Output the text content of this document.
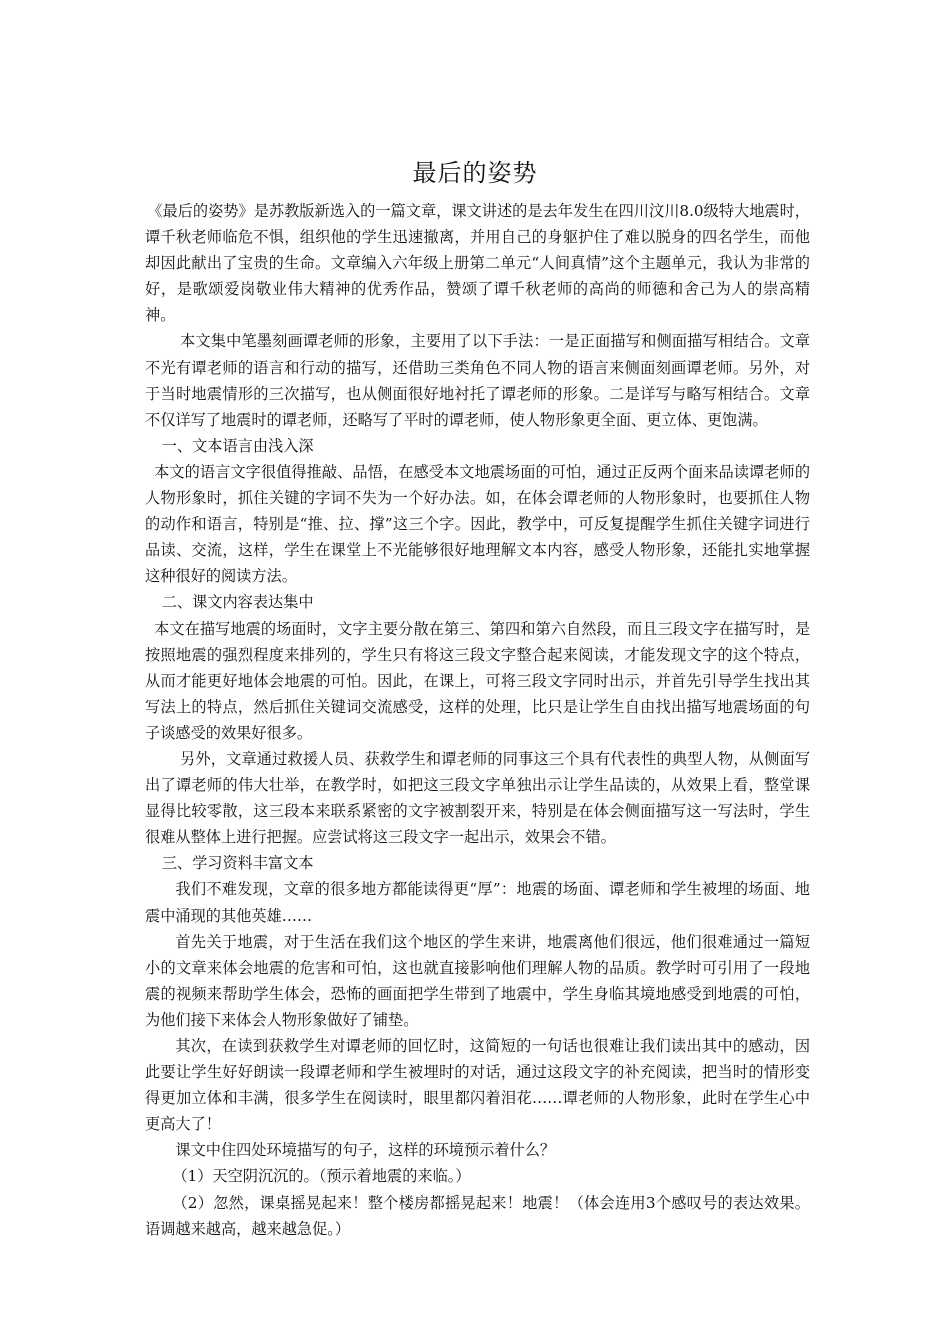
最后的姿势

《最后的姿势》是苏教版新选入的一篇文章，课文讲述的是去年发生在四川汶川8.0级特大地震时，谭千秋老师临危不惧，组织他的学生迅速撤离，并用自己的身躯护住了难以脱身的四名学生，而他却因此献出了宝贵的生命。文章编入六年级上册第二单元“人间真情”这个主题单元，我认为非常的好，是歌颂爱岗敬业伟大精神的优秀作品，赞颂了谭千秋老师的高尚的师德和舍己为人的崇高精神。

本文集中笔墨刻画谭老师的形象，主要用了以下手法：一是正面描写和侧面描写相结合。文章不光有谭老师的语言和行动的描写，还借助三类角色不同人物的语言来侧面刻画谭老师。另外，对于当时地震情形的三次描写，也从侧面很好地衬托了谭老师的形象。二是详写与略写相结合。文章不仅详写了地震时的谭老师，还略写了平时的谭老师，使人物形象更全面、更立体、更饱满。

一、文本语言由浅入深

本文的语言文字很值得推敲、品悟，在感受本文地震场面的可怕，通过正反两个面来品读谭老师的人物形象时，抓住关键的字词不失为一个好办法。如，在体会谭老师的人物形象时，也要抓住人物的动作和语言，特别是“推、拉、撑”这三个字。因此，教学中，可反复提醒学生抓住关键字词进行品读、交流，这样，学生在课堂上不光能够很好地理解文本内容，感受人物形象，还能扎实地掌握这种很好的阅读方法。

二、课文内容表达集中

本文在描写地震的场面时，文字主要分散在第三、第四和第六自然段，而且三段文字在描写时，是按照地震的强烈程度来排列的，学生只有将这三段文字整合起来阅读，才能发现文字的这个特点，从而才能更好地体会地震的可怕。因此，在课上，可将三段文字同时出示，并首先引导学生找出其写法上的特点，然后抓住关键词交流感受，这样的处理，比只是让学生自由找出描写地震场面的句子谈感受的效果好很多。

另外，文章通过救援人员、获救学生和谭老师的同事这三个具有代表性的典型人物，从侧面写出了谭老师的伟大壮举，在教学时，如把这三段文字单独出示让学生品读的，从效果上看，整堂课显得比较零散，这三段本来联系紧密的文字被割裂开来，特别是在体会侧面描写这一写法时，学生很难从整体上进行把握。应尝试将这三段文字一起出示，效果会不错。

三、学习资料丰富文本

我们不难发现，文章的很多地方都能读得更“厚”：地震的场面、谭老师和学生被埋的场面、地震中涌现的其他英雄……

首先关于地震，对于生活在我们这个地区的学生来讲，地震离他们很远，他们很难通过一篇短小的文章来体会地震的危害和可怕，这也就直接影响他们理解人物的品质。教学时可引用了一段地震的视频来帮助学生体会，恐怖的画面把学生带到了地震中，学生身临其境地感受到地震的可怕，为他们接下来体会人物形象做好了铺垫。

其次，在读到获救学生对谭老师的回忆时，这简短的一句话也很难让我们读出其中的感动，因此要让学生好好朗读一段谭老师和学生被埋时的对话，通过这段文字的补充阅读，把当时的情形变得更加立体和丰满，很多学生在阅读时，眼里都闪着泪花……谭老师的人物形象，此时在学生心中更高大了！

课文中住四处环境描写的句子，这样的环境预示着什么？

（1）天空阴沉沉的。（预示着地震的来临。）

（2）忽然，课桌摇晃起来！整个楼房都摇晃起来！地震！（体会连用3个感叹号的表达效果。语调越来越高，越来越急促。）
